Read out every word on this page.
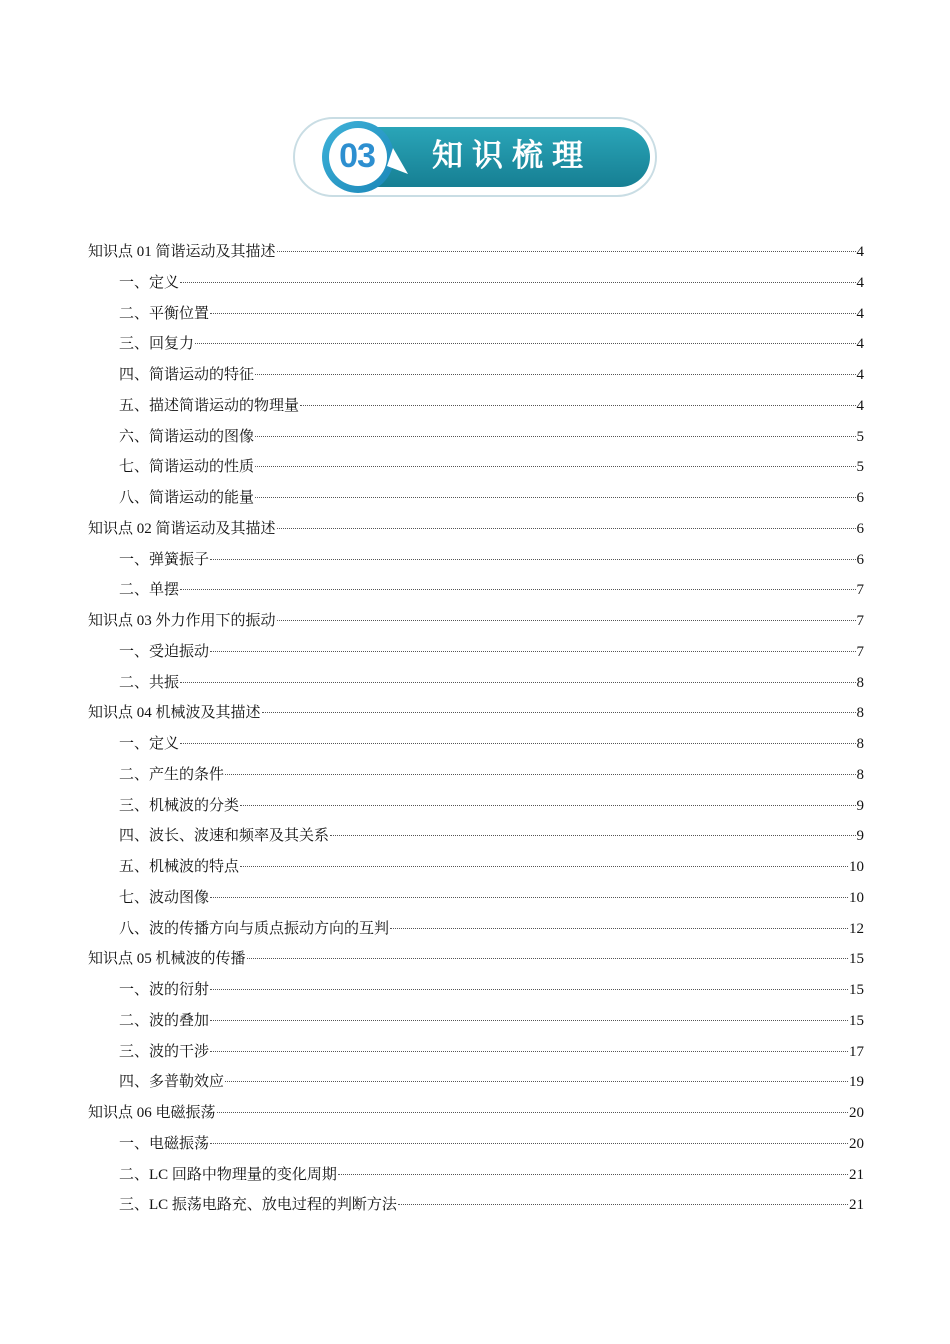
03 知识梳理
知识点 01 简谐运动及其描述	4
一、定义	4
二、平衡位置	4
三、回复力	4
四、简谐运动的特征	4
五、描述简谐运动的物理量	4
六、简谐运动的图像	5
七、简谐运动的性质	5
八、简谐运动的能量	6
知识点 02 简谐运动及其描述	6
一、弹簧振子	6
二、单摆	7
知识点 03 外力作用下的振动	7
一、受迫振动	7
二、共振	8
知识点 04 机械波及其描述	8
一、定义	8
二、产生的条件	8
三、机械波的分类	9
四、波长、波速和频率及其关系	9
五、机械波的特点	10
七、波动图像	10
八、波的传播方向与质点振动方向的互判	12
知识点 05 机械波的传播	15
一、波的衍射	15
二、波的叠加	15
三、波的干涉	17
四、多普勒效应	19
知识点 06 电磁振荡	20
一、电磁振荡	20
二、LC 回路中物理量的变化周期	21
三、LC 振荡电路充、放电过程的判断方法	21
